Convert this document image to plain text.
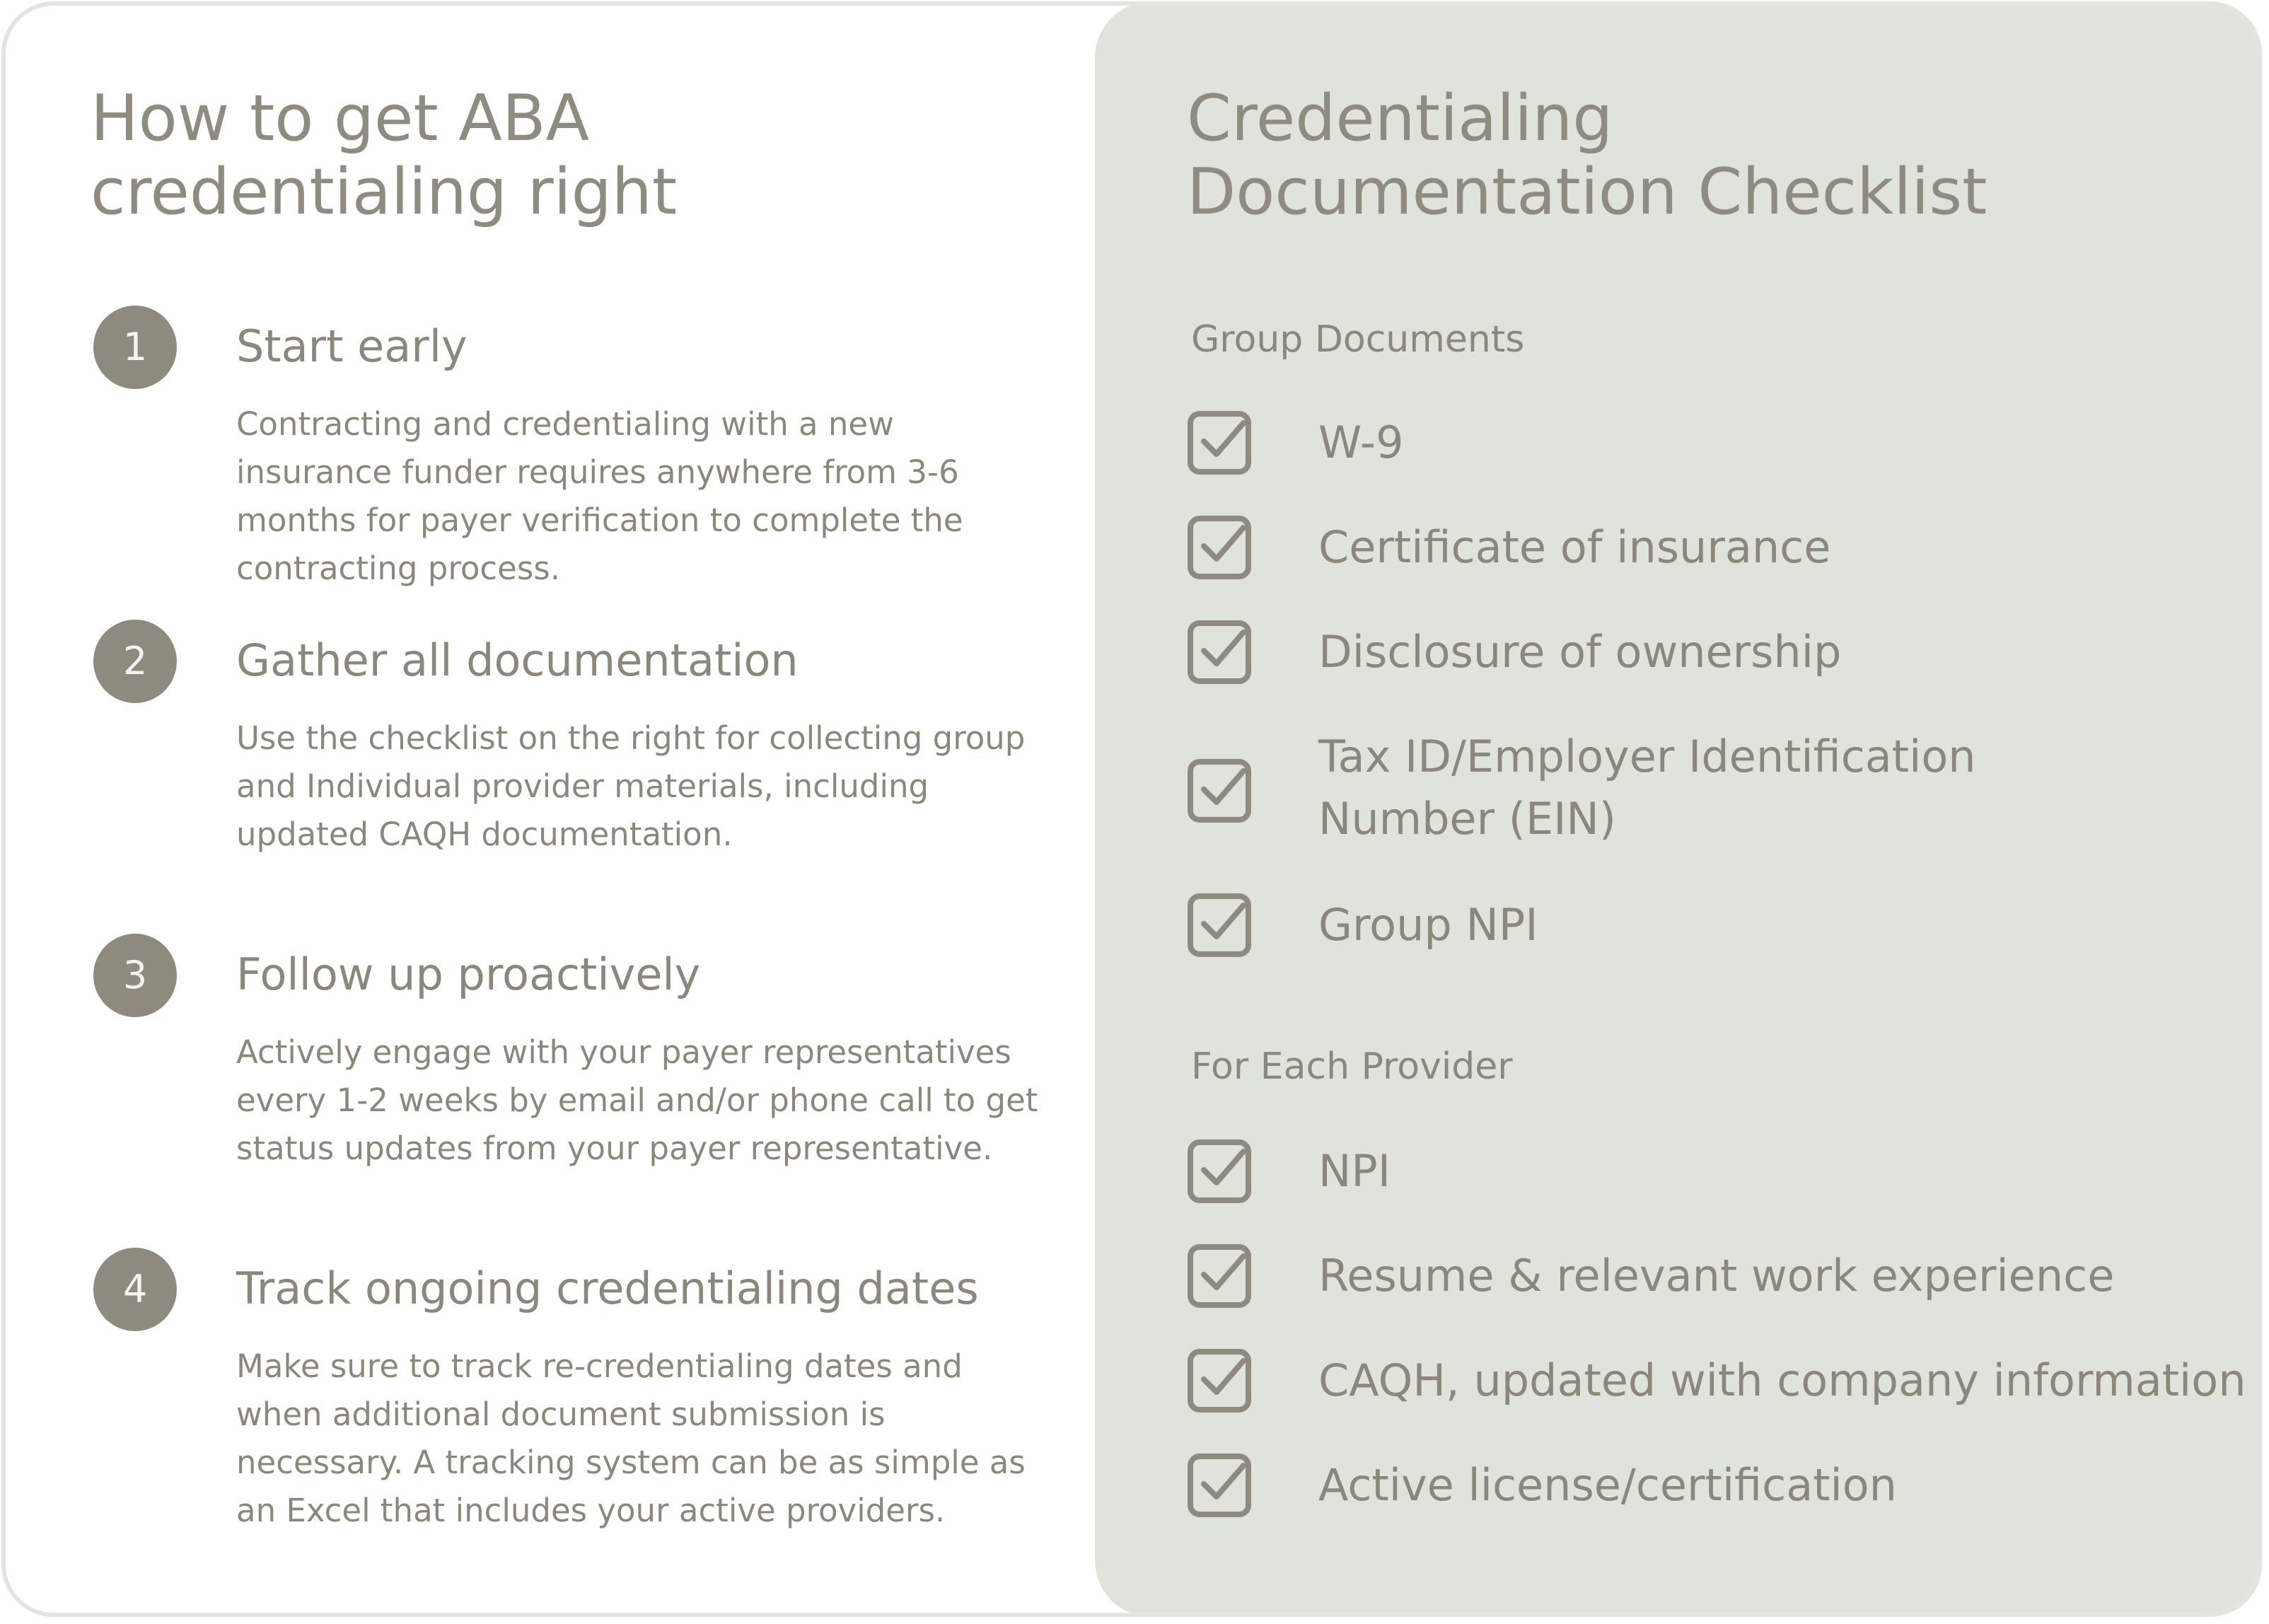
How to get ABA
credentialing right
1	Start early
Contracting and credentialing with a new
insurance funder requires anywhere from 3-6
months for payer verification to complete the
contracting process.
2	Gather all documentation
Use the checklist on the right for collecting group
and Individual provider materials, including
updated CAQH documentation.
3	Follow up proactively
Actively engage with your payer representatives
every 1-2 weeks by email and/or phone call to get
status updates from your payer representative.
4	Track ongoing credentialing dates
Make sure to track re-credentialing dates and
when additional document submission is
necessary. A tracking system can be as simple as
an Excel that includes your active providers.
Credentialing
Documentation Checklist
Group Documents
W-9
Certificate of insurance
Disclosure of ownership
Tax ID/Employer Identification
Number (EIN)
Group NPI
For Each Provider
NPI
Resume & relevant work experience
CAQH, updated with company information
Active license/certification
